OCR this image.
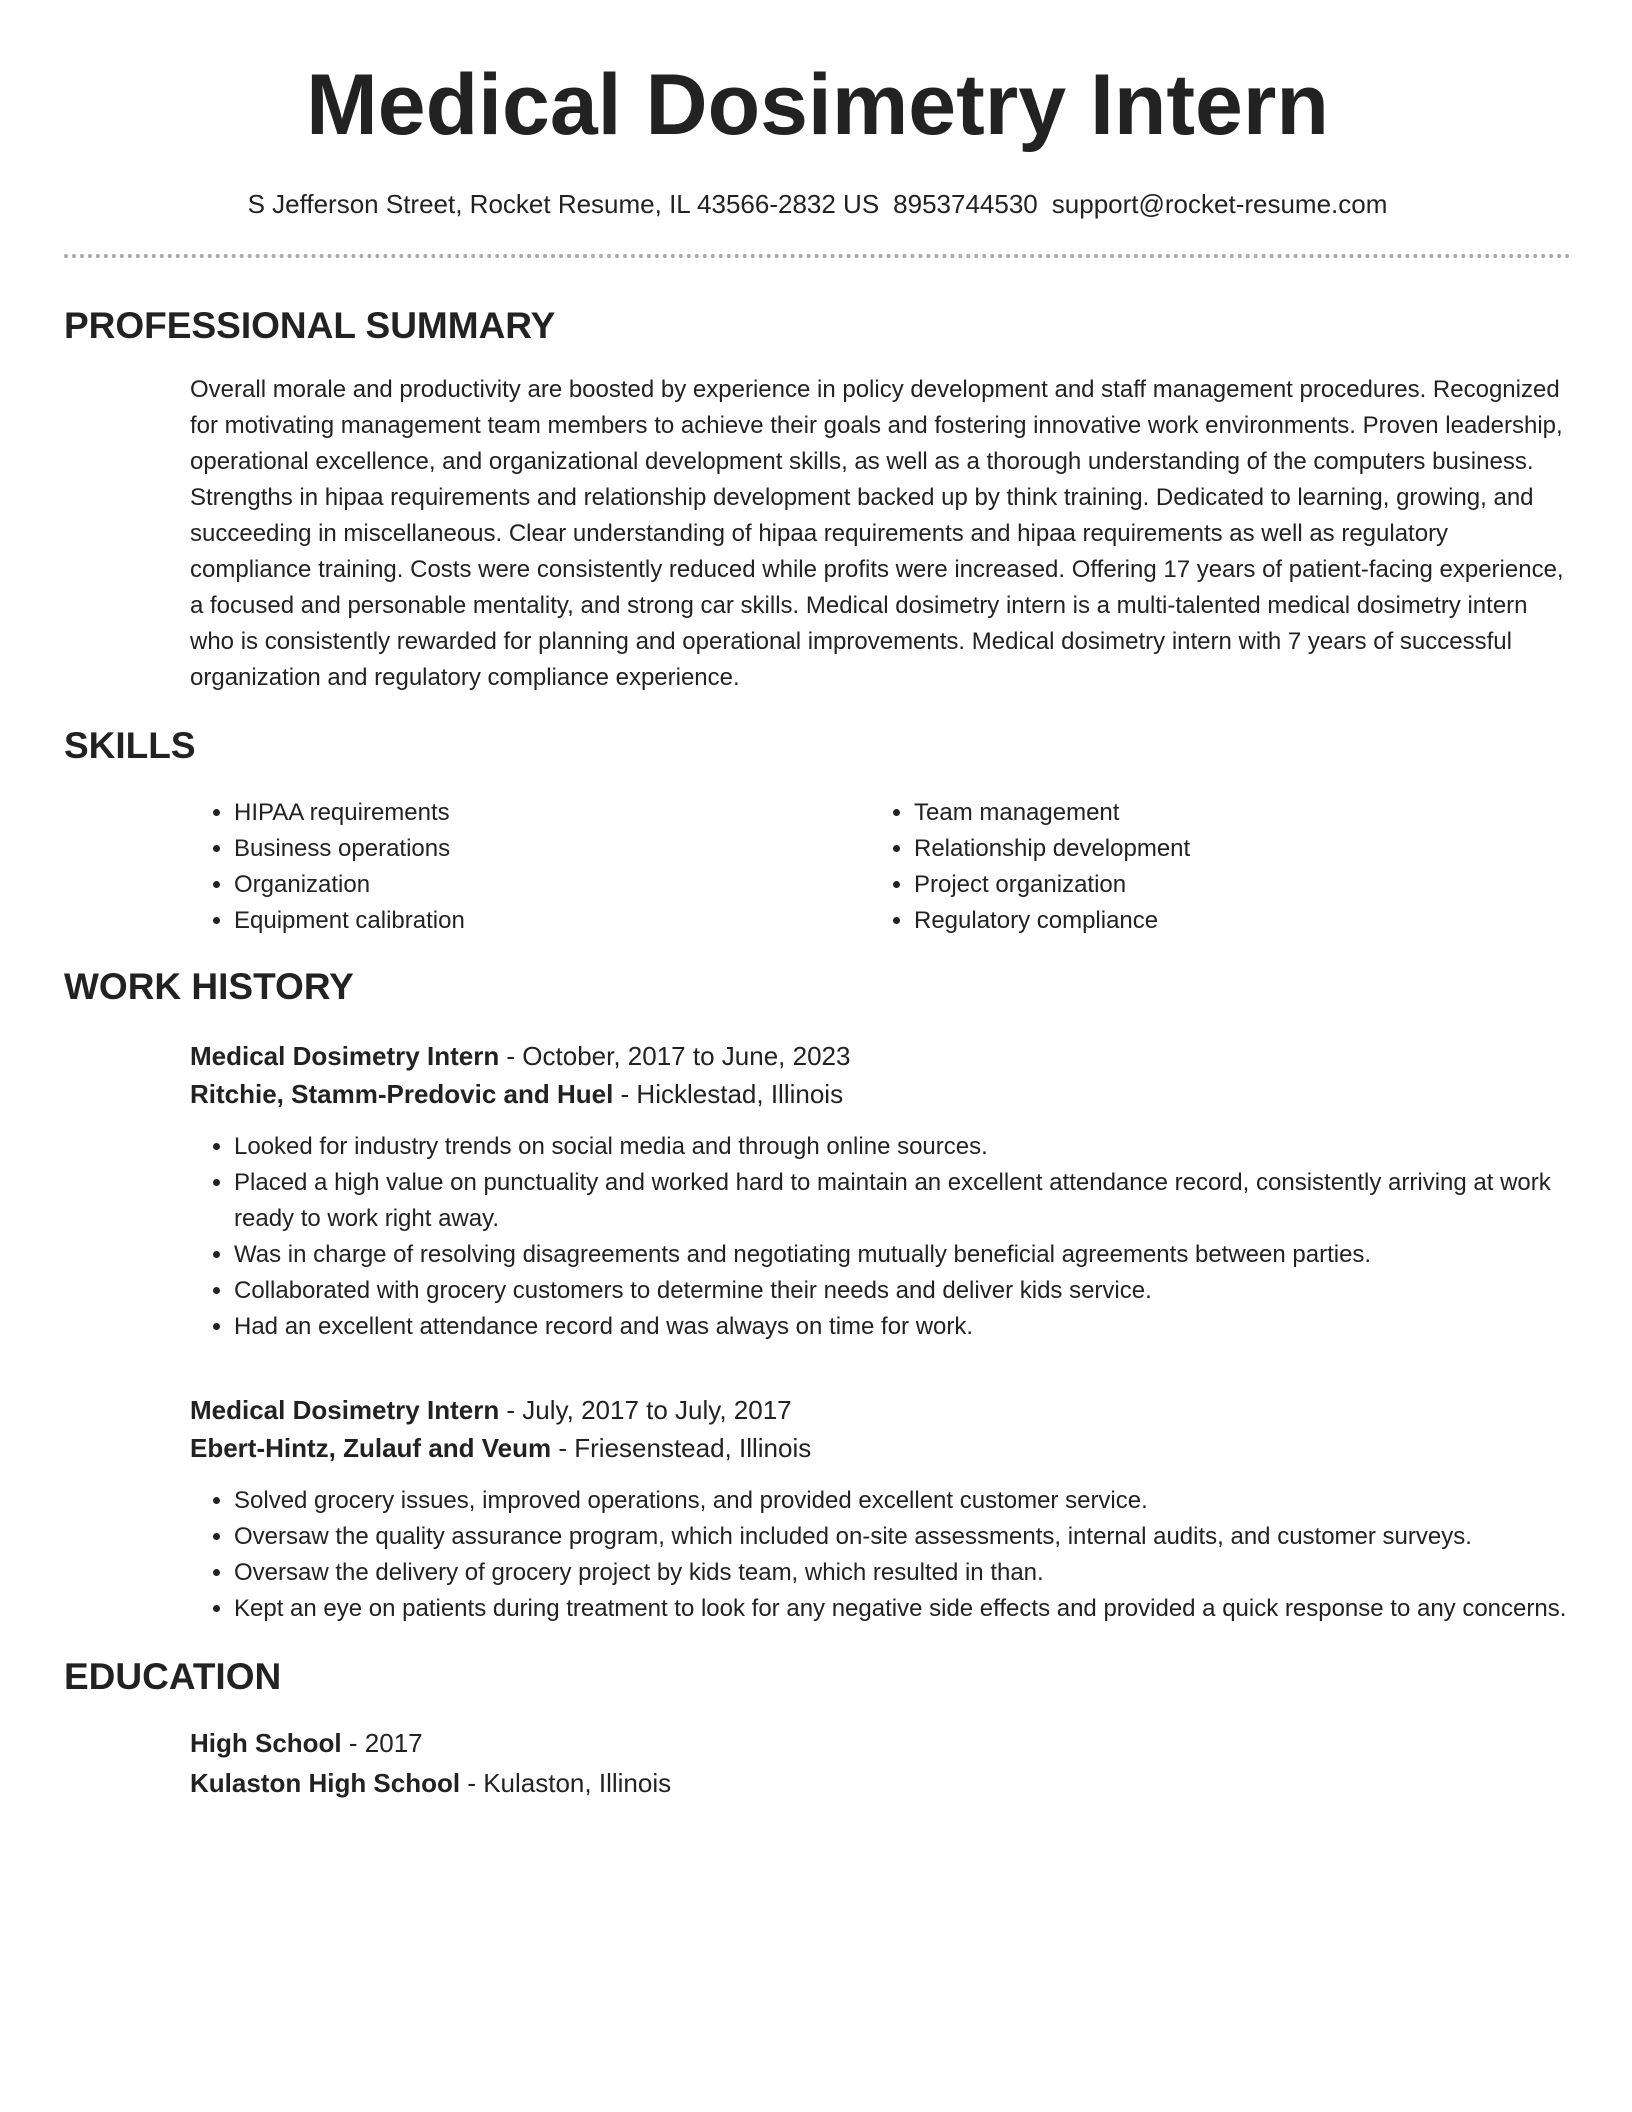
Medical Dosimetry Intern
S Jefferson Street, Rocket Resume, IL 43566-2832 US 8953744530 support@rocket-resume.com
PROFESSIONAL SUMMARY

Overall morale and productivity are boosted by experience in policy development and staff management procedures. Recognized for motivating management team members to achieve their goals and fostering innovative work environments. Proven leadership, operational excellence, and organizational development skills, as well as a thorough understanding of the computers business. Strengths in hipaa requirements and relationship development backed up by think training. Dedicated to learning, growing, and succeeding in miscellaneous. Clear understanding of hipaa requirements and hipaa requirements as well as regulatory compliance training. Costs were consistently reduced while profits were increased. Offering 17 years of patient-facing experience, a focused and personable mentality, and strong car skills. Medical dosimetry intern is a multi-talented medical dosimetry intern who is consistently rewarded for planning and operational improvements. Medical dosimetry intern with 7 years of successful organization and regulatory compliance experience.

SKILLS
• HIPAA requirements
• Business operations
• Organization
• Equipment calibration
• Team management
• Relationship development
• Project organization
• Regulatory compliance
WORK HISTORY
Medical Dosimetry Intern - October, 2017 to June, 2023
Ritchie, Stamm-Predovic and Huel - Hicklestad, Illinois
• Looked for industry trends on social media and through online sources.
• Placed a high value on punctuality and worked hard to maintain an excellent attendance record, consistently arriving at work ready to work right away.
• Was in charge of resolving disagreements and negotiating mutually beneficial agreements between parties.
• Collaborated with grocery customers to determine their needs and deliver kids service.
• Had an excellent attendance record and was always on time for work.
Medical Dosimetry Intern - July, 2017 to July, 2017
Ebert-Hintz, Zulauf and Veum - Friesenstead, Illinois
• Solved grocery issues, improved operations, and provided excellent customer service.
• Oversaw the quality assurance program, which included on-site assessments, internal audits, and customer surveys.
• Oversaw the delivery of grocery project by kids team, which resulted in than.
• Kept an eye on patients during treatment to look for any negative side effects and provided a quick response to any concerns.
EDUCATION
High School - 2017
Kulaston High School - Kulaston, Illinois
